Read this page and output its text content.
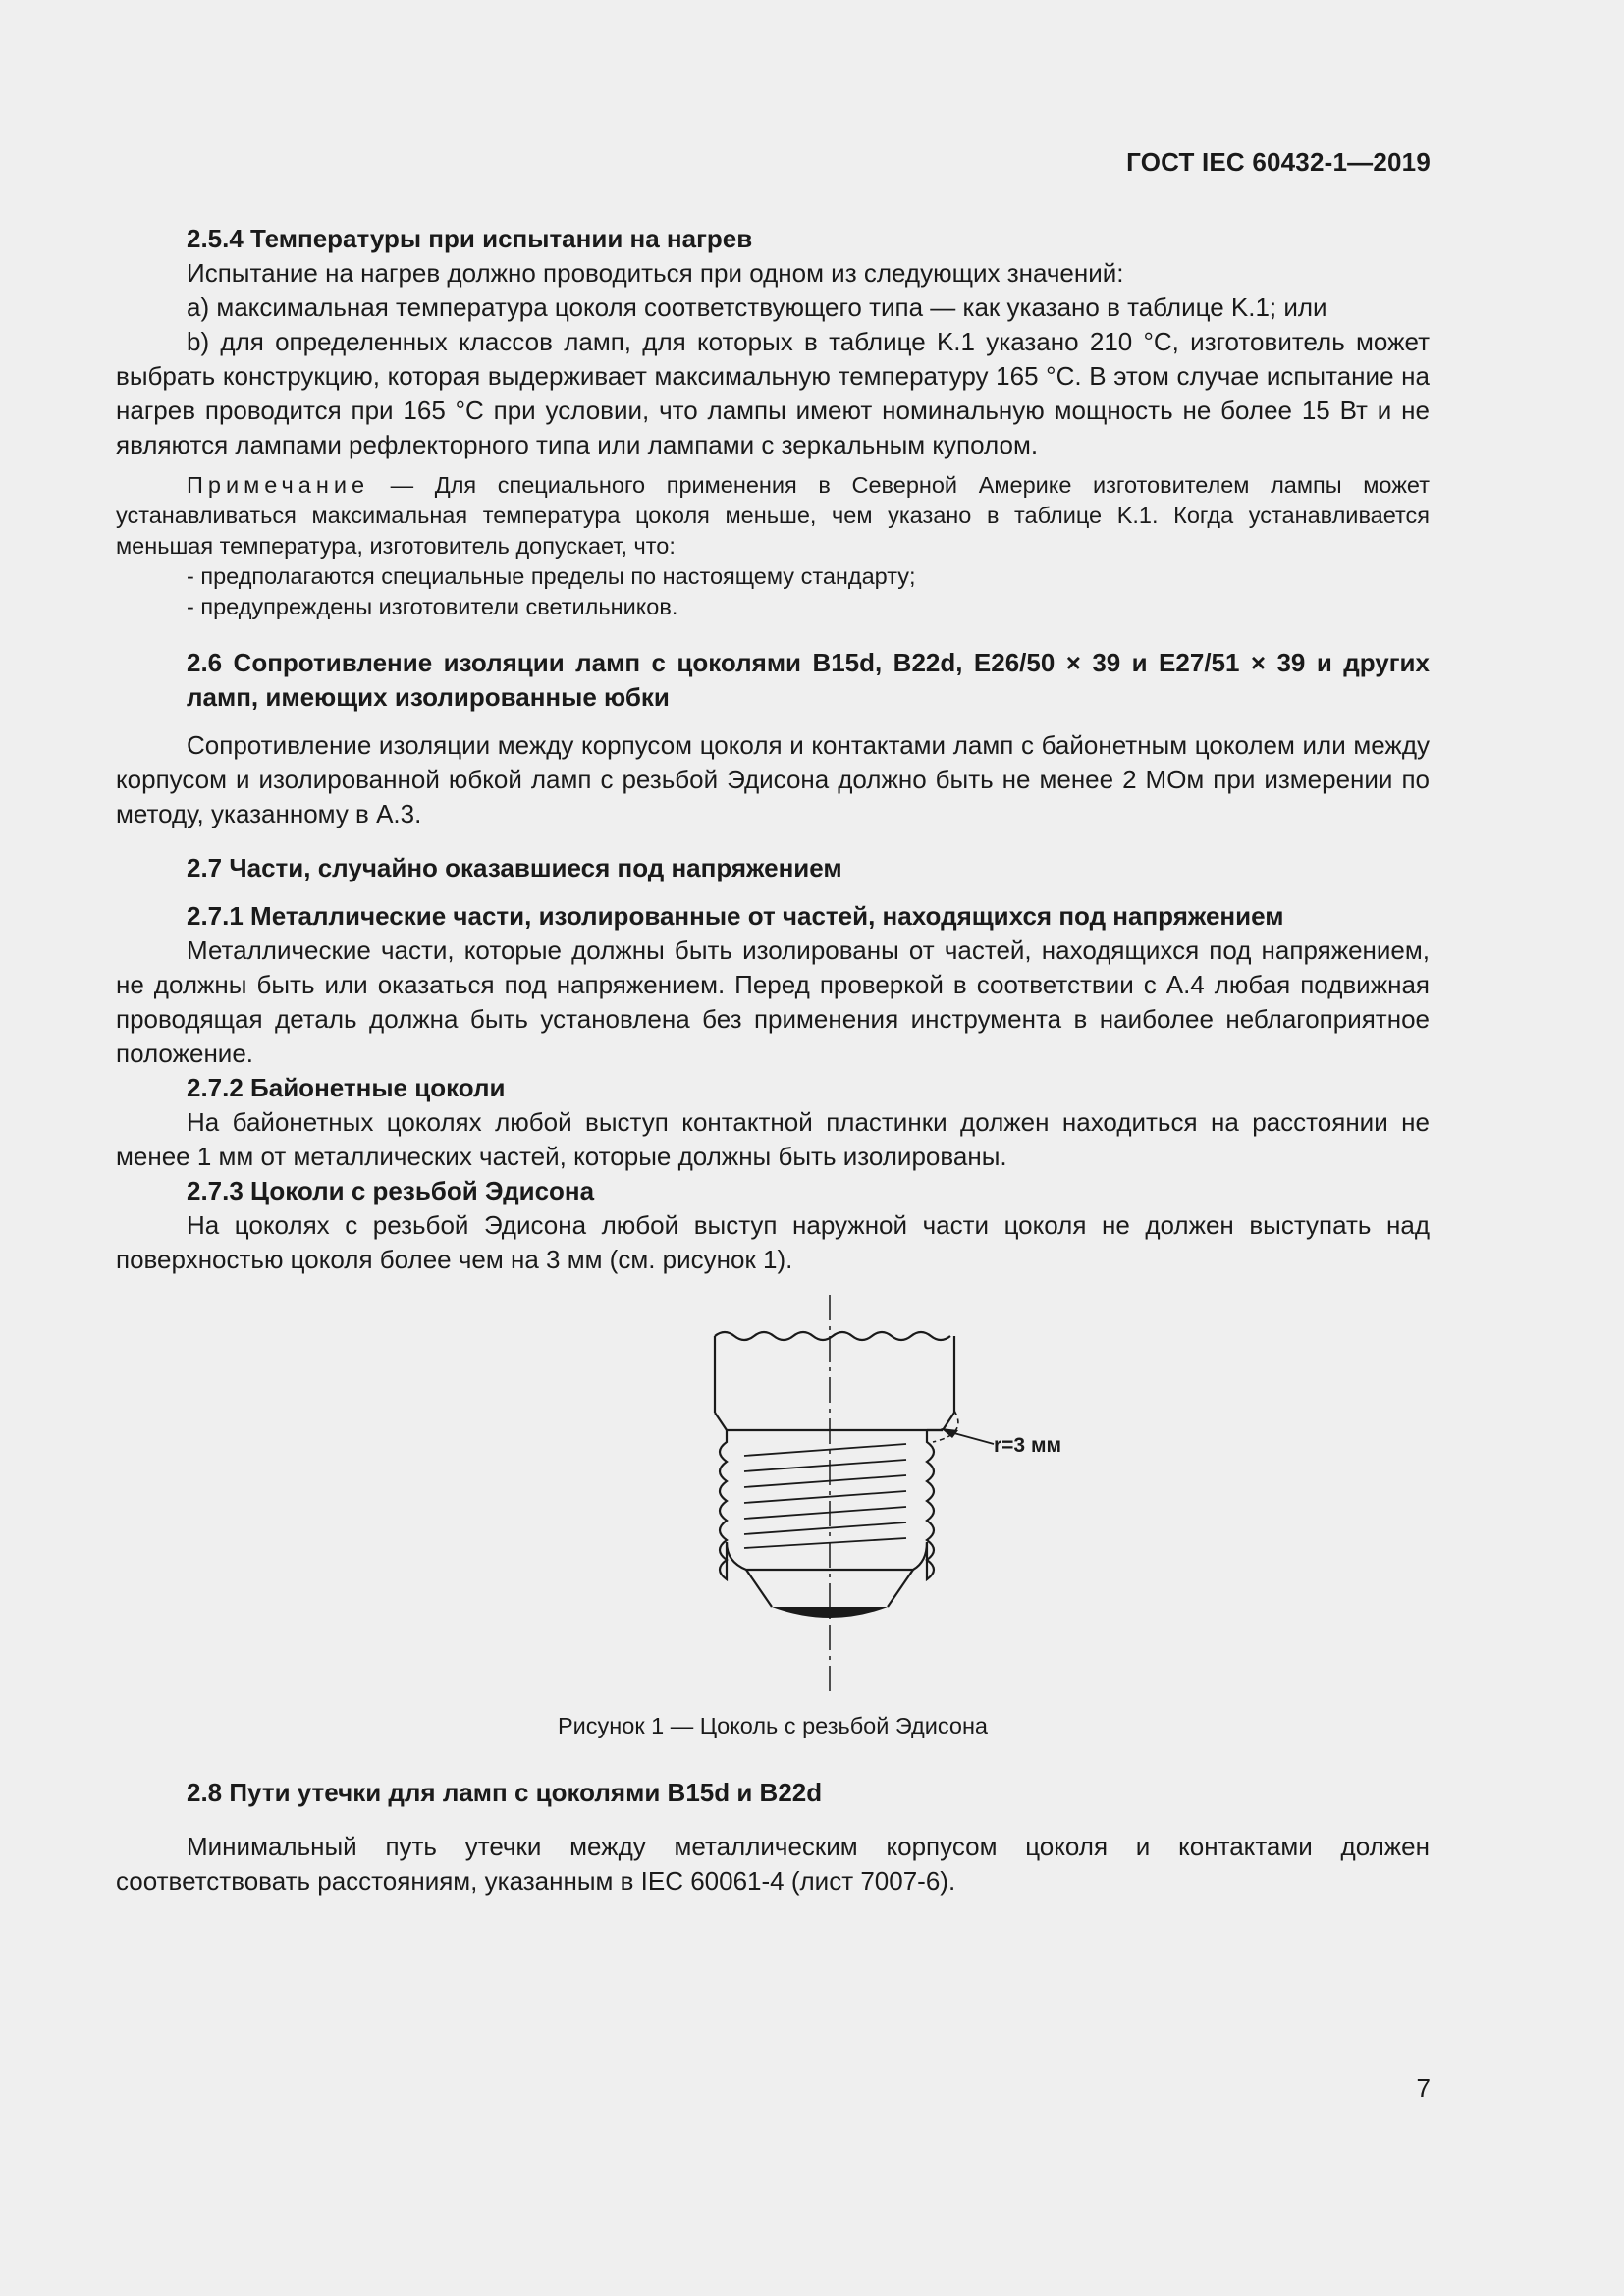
ГОСТ IEC 60432-1—2019

2.5.4 Температуры при испытании на нагрев

Испытание на нагрев должно проводиться при одном из следующих значений:

a) максимальная температура цоколя соответствующего типа — как указано в таблице K.1; или

b) для определенных классов ламп, для которых в таблице K.1 указано 210 °C, изготовитель может выбрать конструкцию, которая выдерживает максимальную температуру 165 °C. В этом случае испытание на нагрев проводится при 165 °C при условии, что лампы имеют номинальную мощность не более 15 Вт и не являются лампами рефлекторного типа или лампами с зеркальным куполом.

Примечание — Для специального применения в Северной Америке изготовителем лампы может устанавливаться максимальная температура цоколя меньше, чем указано в таблице K.1. Когда устанавливается меньшая температура, изготовитель допускает, что:

- предполагаются специальные пределы по настоящему стандарту;
- предупреждены изготовители светильников.

2.6 Сопротивление изоляции ламп с цоколями B15d, B22d, E26/50 × 39 и E27/51 × 39 и других ламп, имеющих изолированные юбки

Сопротивление изоляции между корпусом цоколя и контактами ламп с байонетным цоколем или между корпусом и изолированной юбкой ламп с резьбой Эдисона должно быть не менее 2 МОм при измерении по методу, указанному в A.3.

2.7 Части, случайно оказавшиеся под напряжением

2.7.1 Металлические части, изолированные от частей, находящихся под напряжением

Металлические части, которые должны быть изолированы от частей, находящихся под напряжением, не должны быть или оказаться под напряжением. Перед проверкой в соответствии с A.4 любая подвижная проводящая деталь должна быть установлена без применения инструмента в наиболее неблагоприятное положение.

2.7.2 Байонетные цоколи

На байонетных цоколях любой выступ контактной пластинки должен находиться на расстоянии не менее 1 мм от металлических частей, которые должны быть изолированы.

2.7.3 Цоколи с резьбой Эдисона

На цоколях с резьбой Эдисона любой выступ наружной части цоколя не должен выступать над поверхностью цоколя более чем на 3 мм (см. рисунок 1).

r=3 мм
Рисунок 1 — Цоколь с резьбой Эдисона

2.8 Пути утечки для ламп с цоколями B15d и B22d

Минимальный путь утечки между металлическим корпусом цоколя и контактами должен соответствовать расстояниям, указанным в IEC 60061-4 (лист 7007-6).

7
